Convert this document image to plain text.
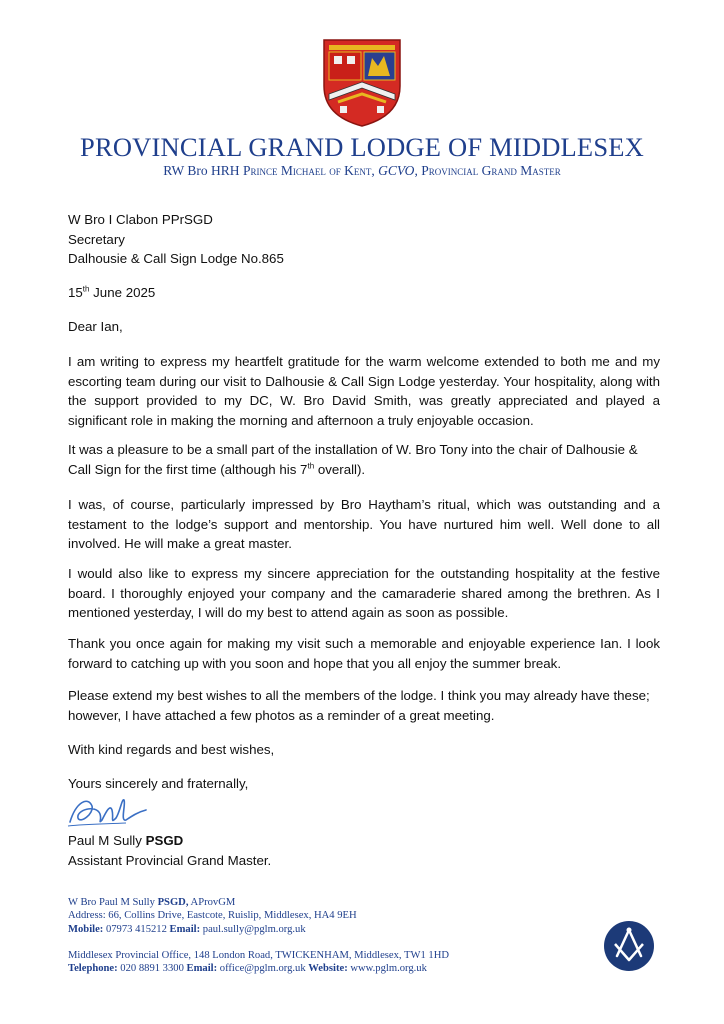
PROVINCIAL GRAND LODGE OF MIDDLESEX
RW Bro HRH Prince Michael of Kent, GCVO, Provincial Grand Master
W Bro I Clabon PPrSGD
Secretary
Dalhousie & Call Sign Lodge No.865
15th June 2025
Dear Ian,
I am writing to express my heartfelt gratitude for the warm welcome extended to both me and my escorting team during our visit to Dalhousie & Call Sign Lodge yesterday. Your hospitality, along with the support provided to my DC, W. Bro David Smith, was greatly appreciated and played a significant role in making the morning and afternoon a truly enjoyable occasion.
It was a pleasure to be a small part of the installation of W. Bro Tony into the chair of Dalhousie & Call Sign for the first time (although his 7th overall).
I was, of course, particularly impressed by Bro Haytham’s ritual, which was outstanding and a testament to the lodge’s support and mentorship. You have nurtured him well. Well done to all involved. He will make a great master.
I would also like to express my sincere appreciation for the outstanding hospitality at the festive board. I thoroughly enjoyed your company and the camaraderie shared among the brethren. As I mentioned yesterday, I will do my best to attend again as soon as possible.
Thank you once again for making my visit such a memorable and enjoyable experience Ian. I look forward to catching up with you soon and hope that you all enjoy the summer break.
Please extend my best wishes to all the members of the lodge. I think you may already have these; however, I have attached a few photos as a reminder of a great meeting.
With kind regards and best wishes,
Yours sincerely and fraternally,
Paul M Sully PSGD
Assistant Provincial Grand Master.
W Bro Paul M Sully PSGD, AProvGM
Address: 66, Collins Drive, Eastcote, Ruislip, Middlesex, HA4 9EH
Mobile: 07973 415212 Email: paul.sully@pglm.org.uk
Middlesex Provincial Office, 148 London Road, TWICKENHAM, Middlesex, TW1 1HD
Telephone: 020 8891 3300 Email: office@pglm.org.uk Website: www.pglm.org.uk
